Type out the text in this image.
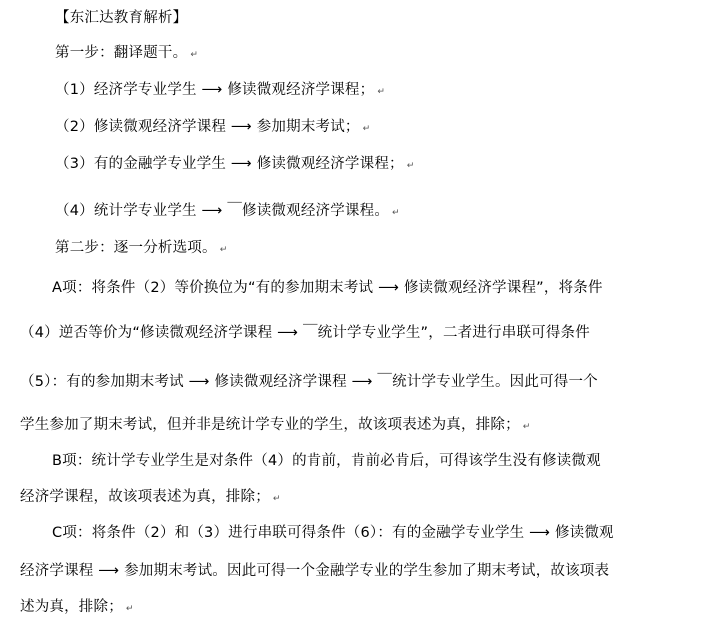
【东汇达教育解析】
第一步：翻译题干。 ↵
（1）经济学专业学生 ⟶ 修读微观经济学课程； ↵
（2）修读微观经济学课程 ⟶ 参加期末考试； ↵
（3）有的金融学专业学生 ⟶ 修读微观经济学课程； ↵
（4）统计学专业学生 ⟶ ￣修读微观经济学课程。 ↵
第二步：逐一分析选项。 ↵
A项：将条件（2）等价换位为“有的参加期末考试 ⟶ 修读微观经济学课程”，将条件
（4）逆否等价为“修读微观经济学课程 ⟶ ￣统计学专业学生”，二者进行串联可得条件
（5）：有的参加期末考试 ⟶ 修读微观经济学课程 ⟶ ￣统计学专业学生。因此可得一个
学生参加了期末考试，但并非是统计学专业的学生，故该项表述为真，排除； ↵
B项：统计学专业学生是对条件（4）的肯前，肯前必肯后，可得该学生没有修读微观
经济学课程，故该项表述为真，排除； ↵
C项：将条件（2）和（3）进行串联可得条件（6）：有的金融学专业学生 ⟶ 修读微观
经济学课程 ⟶ 参加期末考试。因此可得一个金融学专业的学生参加了期末考试，故该项表
述为真，排除； ↵
